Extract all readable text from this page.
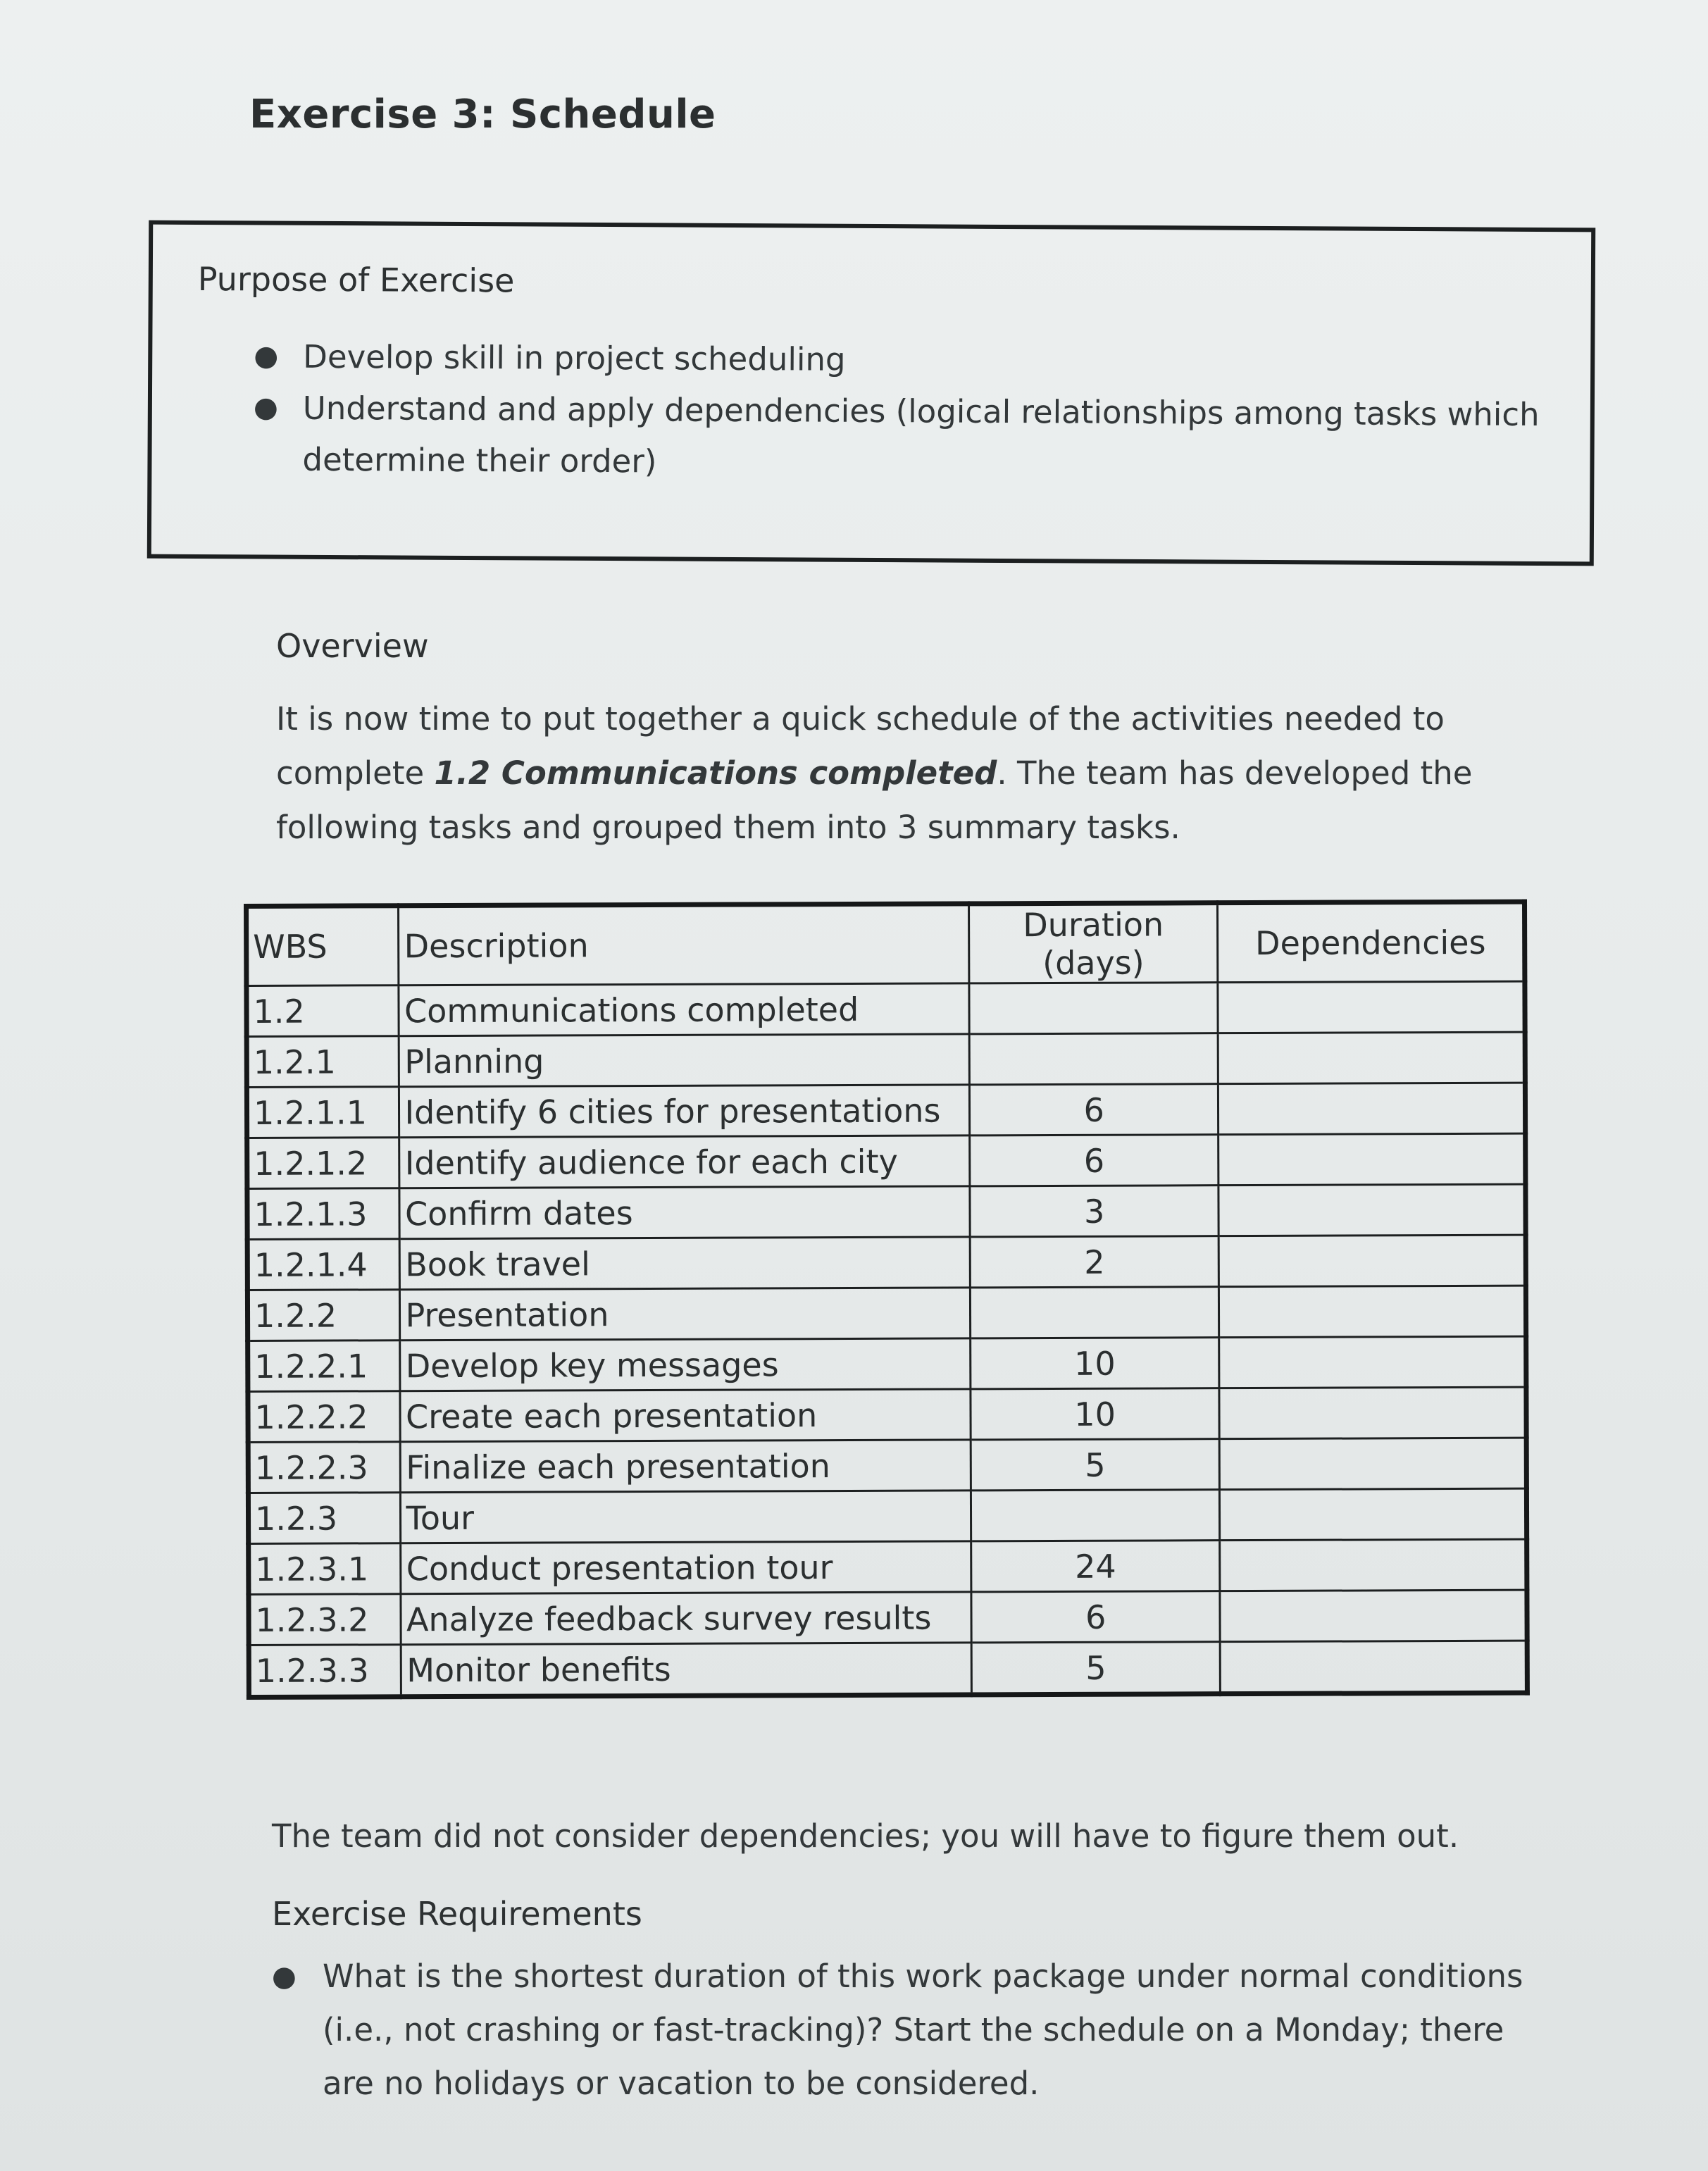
Exercise 3: Schedule
Purpose of Exercise
● Develop skill in project scheduling
● Understand and apply dependencies (logical relationships among tasks which determine their order)
Overview
It is now time to put together a quick schedule of the activities needed to complete 1.2 Communications completed. The team has developed the following tasks and grouped them into 3 summary tasks.
WBS	Description	Duration (days)	Dependencies
1.2	Communications completed		
1.2.1	Planning		
1.2.1.1	Identify 6 cities for presentations	6	
1.2.1.2	Identify audience for each city	6	
1.2.1.3	Confirm dates	3	
1.2.1.4	Book travel	2	
1.2.2	Presentation		
1.2.2.1	Develop key messages	10	
1.2.2.2	Create each presentation	10	
1.2.2.3	Finalize each presentation	5	
1.2.3	Tour		
1.2.3.1	Conduct presentation tour	24	
1.2.3.2	Analyze feedback survey results	6	
1.2.3.3	Monitor benefits	5	
The team did not consider dependencies; you will have to figure them out.
Exercise Requirements
● What is the shortest duration of this work package under normal conditions (i.e., not crashing or fast-tracking)? Start the schedule on a Monday; there are no holidays or vacation to be considered.
